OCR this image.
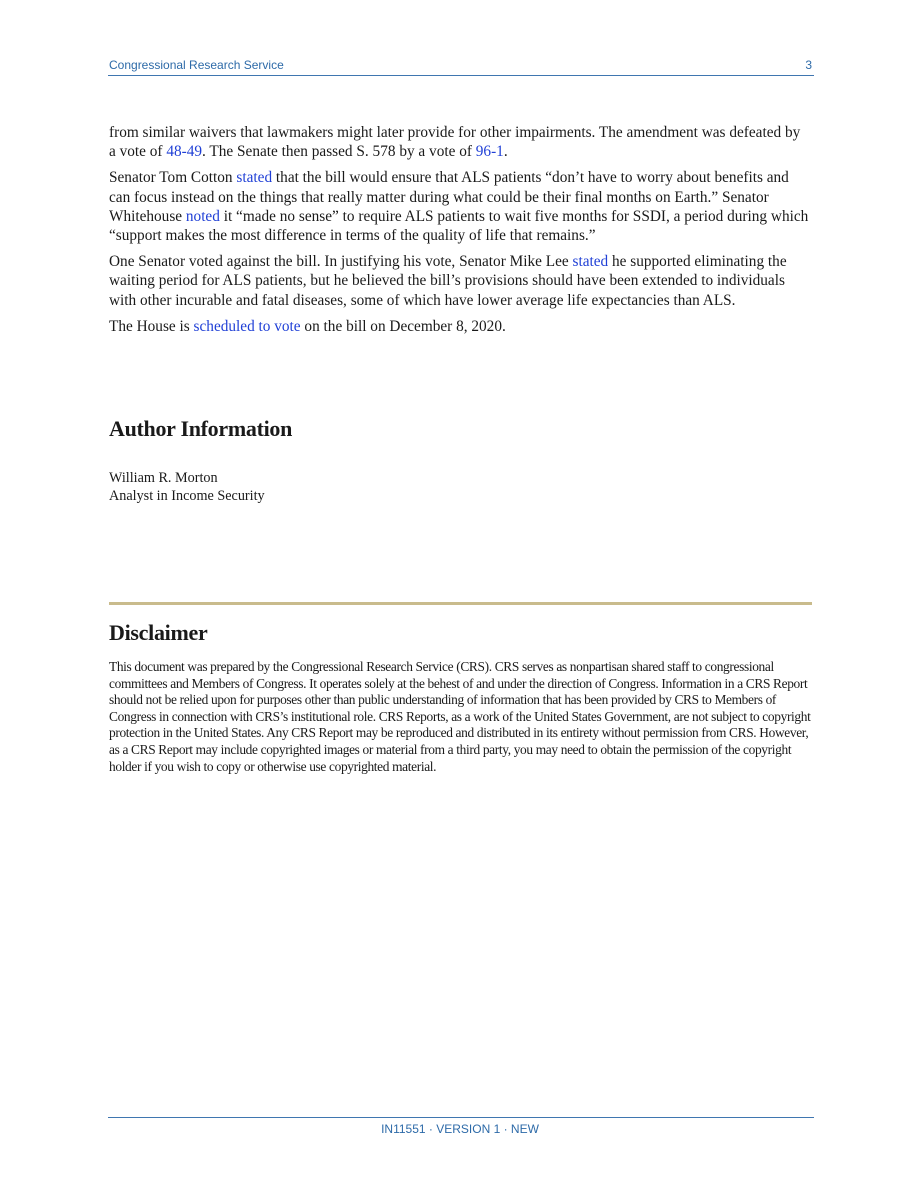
Congressional Research Service	3

from similar waivers that lawmakers might later provide for other impairments. The amendment was defeated by a vote of 48-49. The Senate then passed S. 578 by a vote of 96-1.

Senator Tom Cotton stated that the bill would ensure that ALS patients “don’t have to worry about benefits and can focus instead on the things that really matter during what could be their final months on Earth.” Senator Whitehouse noted it “made no sense” to require ALS patients to wait five months for SSDI, a period during which “support makes the most difference in terms of the quality of life that remains.”

One Senator voted against the bill. In justifying his vote, Senator Mike Lee stated he supported eliminating the waiting period for ALS patients, but he believed the bill’s provisions should have been extended to individuals with other incurable and fatal diseases, some of which have lower average life expectancies than ALS.

The House is scheduled to vote on the bill on December 8, 2020.

Author Information
William R. Morton
Analyst in Income Security
Disclaimer

This document was prepared by the Congressional Research Service (CRS). CRS serves as nonpartisan shared staff to congressional committees and Members of Congress. It operates solely at the behest of and under the direction of Congress. Information in a CRS Report should not be relied upon for purposes other than public understanding of information that has been provided by CRS to Members of Congress in connection with CRS’s institutional role. CRS Reports, as a work of the United States Government, are not subject to copyright protection in the United States. Any CRS Report may be reproduced and distributed in its entirety without permission from CRS. However, as a CRS Report may include copyrighted images or material from a third party, you may need to obtain the permission of the copyright holder if you wish to copy or otherwise use copyrighted material.

IN11551 · VERSION 1 · NEW
